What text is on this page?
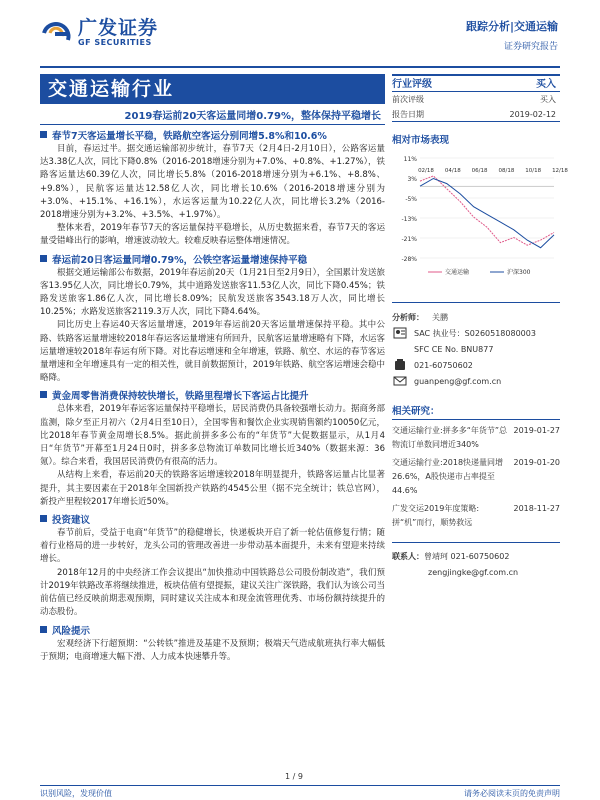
广发证券
GF SECURITIES
跟踪分析|交通运输
证券研究报告
交通运输行业
2019春运前20天客运量同增0.79%，整体保持平稳增长
春节7天客运量增长平稳，铁路航空客运分别同增5.8%和10.6%
目前，春运过半。据交通运输部初步统计，春节7天（2月4日-2月10日），公路客运量达3.38亿人次，同比下降0.8%（2016-2018增速分别为+7.0%、+0.8%、+1.27%），铁路客运量达60.39亿人次，同比增长5.8%（2016-2018增速分别为+6.1%、+8.8%、+9.8%），民航客运量达12.58亿人次，同比增长10.6%（2016-2018增速分别为+3.0%、+15.1%、+16.1%），水运客运量为10.22亿人次，同比增长3.2%（2016-2018增速分别为+3.2%、+3.5%、+1.97%）。
整体来看，2019年春节7天的客运量保持平稳增长，从历史数据来看，春节7天的客运量受错峰出行的影响，增速波动较大。较难反映春运整体增速情况。
春运前20日客运量同增0.79%，公铁空客运量增速保持平稳
根据交通运输部公布数据，2019年春运前20天（1月21日至2月9日），全国累计发送旅客13.95亿人次，同比增长0.79%，其中道路发送旅客11.53亿人次，同比下降0.45%；铁路发送旅客1.86亿人次，同比增长8.09%；民航发送旅客3543.18万人次，同比增长10.25%；水路发送旅客2119.3万人次，同比下降4.64%。
同比历史上春运40天客运量增速，2019年春运前20天客运量增速保持平稳。其中公路、铁路客运量增速较2018年春运客运量增速有所回升，民航客运量增速略有下降，水运客运量增速较2018年春运有所下降。对比春运增速和全年增速，铁路、航空、水运的春节客运量增速和全年增速具有一定的相关性，就目前数据预计，2019年铁路、航空客运增速会稳中略降。
黄金周零售消费保持较快增长，铁路里程增长下客运占比提升
总体来看，2019年春运客运量保持平稳增长，居民消费仍具备较强增长动力。据商务部监测，除夕至正月初六（2月4日至10日），全国零售和餐饮企业实现销售额约10050亿元，比2018年春节黄金周增长8.5%。据此前拼多多公布的“年货节”大促数据显示，从1月4日“年货节”开幕至1月24日0时，拼多多总物流订单数同比增长近340%（数据来源：36氪）。综合来看，我国居民消费仍有很高的活力。
从结构上来看，春运前20天的铁路客运增速较2018年明显提升，铁路客运量占比显著提升，其主要因素在于2018年全国新投产铁路约4545公里（据不完全统计；铁总官网），新投产里程较2017年增长近50%。
投资建议
春节前后，受益于电商“年货节”的稳健增长，快递板块开启了新一轮估值修复行情；随着行业格局的进一步转好，龙头公司的管理改善进一步带动基本面提升，未来有望迎来持续增长。
2018年12月的中央经济工作会议提出“加快推动中国铁路总公司股份制改造”，我们预计2019年铁路改革将继续推进，板块估值有望提振，建议关注广深铁路，我们认为该公司当前估值已经反映前期悲观预期，同时建议关注成本和现金流管理优秀、市场份额持续提升的动态股份。
风险提示
宏观经济下行超预期：“公转铁”推进及基建不及预期；极端天气造成航班执行率大幅低于预期；电商增速大幅下滑、人力成本快速攀升等。
行业评级	买入
前次评级	买入
报告日期	2019-02-12
相对市场表现
11%
3%
-5%
-13%
-21%
-28%
02/18 04/18 06/18 08/18 10/18 12/18
交通运输	沪深300
分析师： 关鹏
SAC 执业号：S0260518080003
SFC CE No. BNU877
021-60750602
guanpeng@gf.com.cn
相关研究：
交通运输行业:拼多多“年货节”总物流订单数同增近340%
2019-01-27
交通运输行业:2018快递量同增26.6%，A股快递市占率提至44.6%
2019-01-20
广发交运2019年度策略:拼“机”而行，顺势救远
2018-11-27
联系人：曾靖珂 021-60750602
zengjingke@gf.com.cn
1 / 9
识别风险，发现价值	请务必阅读末页的免责声明
